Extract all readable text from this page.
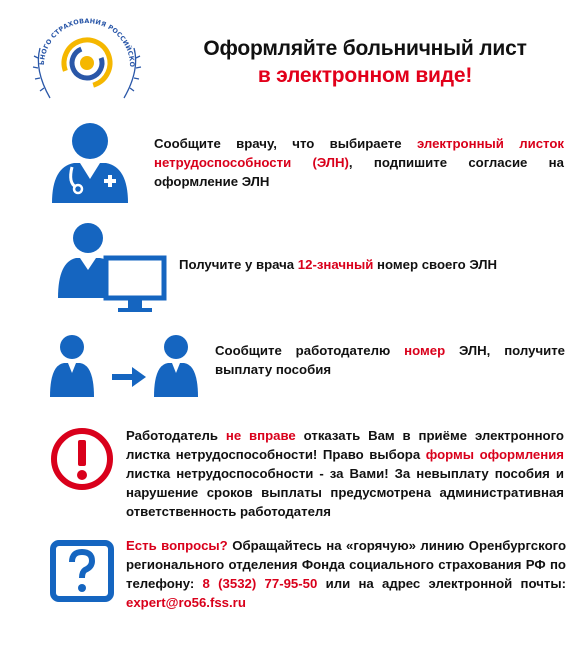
ЬНОГО СТРАХОВАНИЯ РОССИЙСКО
Оформляйте больничный лист
в электронном виде!
Сообщите врачу, что выбираете электронный листок нетрудоспособности (ЭЛН), подпишите согласие на оформление ЭЛН
Получите у врача 12-значный номер своего ЭЛН
Сообщите работодателю номер ЭЛН, получите выплату пособия
Работодатель не вправе отказать Вам в приёме электронного листка нетрудоспособности! Право выбора формы оформления листка нетрудоспособности - за Вами! За невыплату пособия и нарушение сроков выплаты предусмотрена административная ответственность работодателя
Есть вопросы? Обращайтесь на «горячую» линию Оренбургского регионального отделения Фонда социального страхования РФ по телефону: 8 (3532) 77-95-50 или на адрес электронной почты: expert@ro56.fss.ru
